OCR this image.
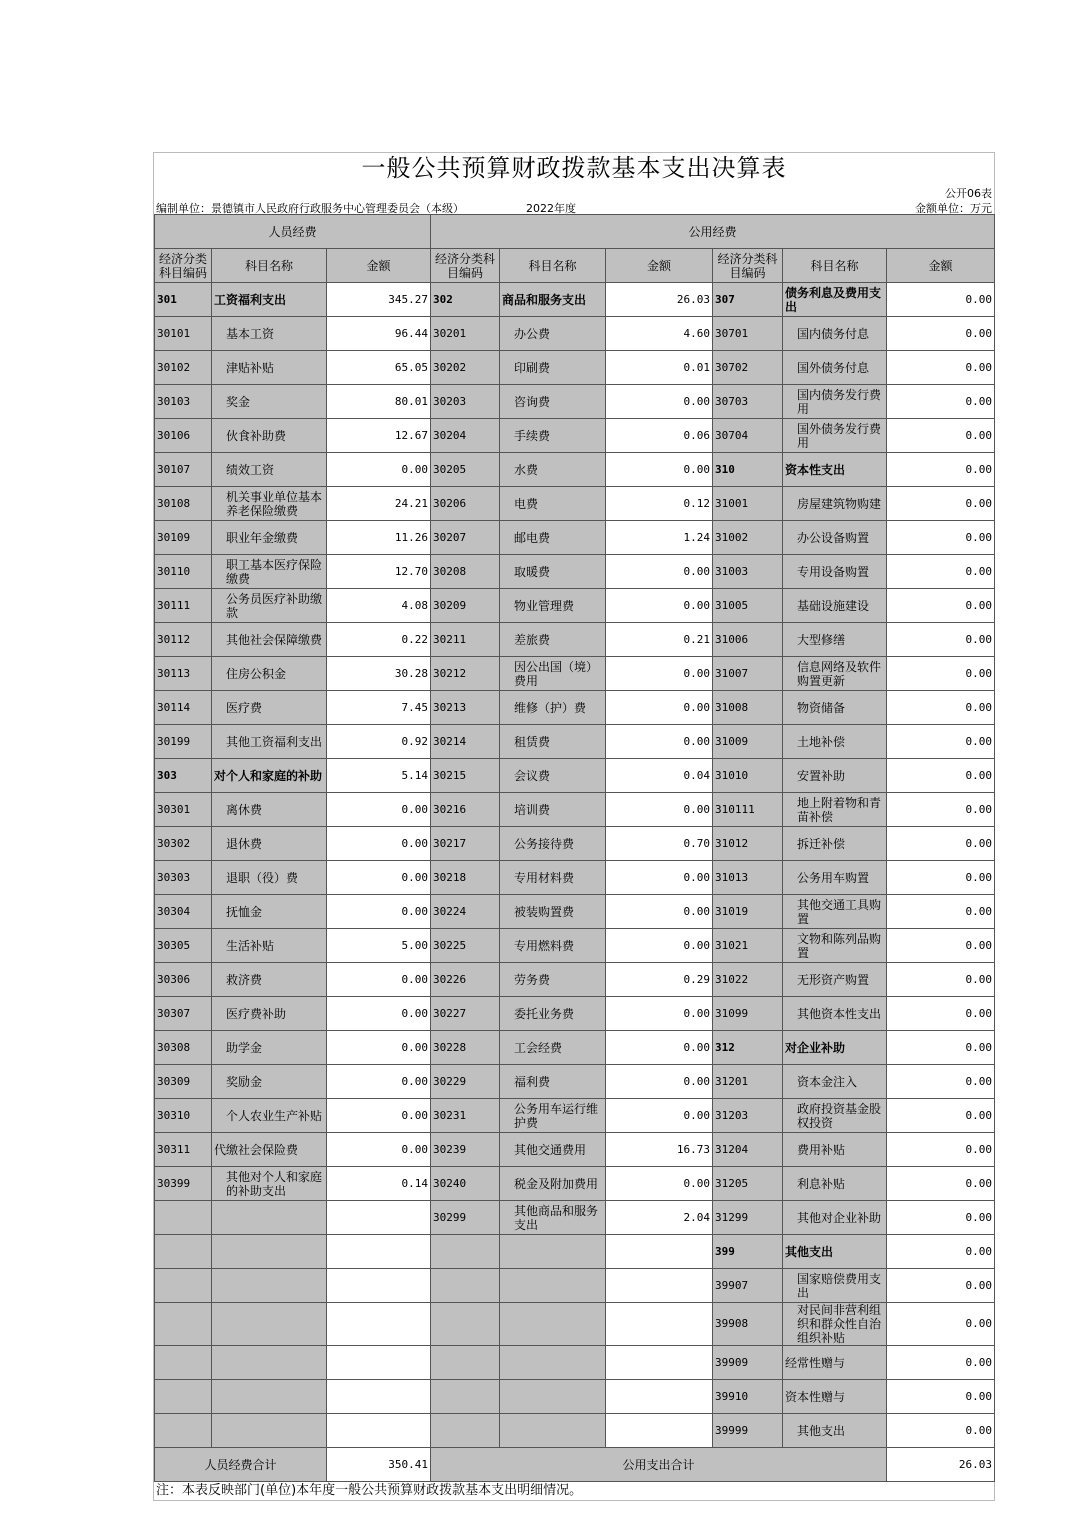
一般公共预算财政拨款基本支出决算表
公开06表
编制单位：景德镇市人民政府行政服务中心管理委员会（本级）	2022年度	金额单位：万元
人员经费			公用经费					
经济分类科目编码	科目名称	金额	经济分类科目编码	科目名称	金额	经济分类科目编码	科目名称	金额
301	工资福利支出	345.27	302	商品和服务支出	26.03	307	债务利息及费用支出	0.00
30101	基本工资	96.44	30201	办公费	4.60	30701	国内债务付息	0.00
30102	津贴补贴	65.05	30202	印刷费	0.01	30702	国外债务付息	0.00
30103	奖金	80.01	30203	咨询费	0.00	30703	国内债务发行费用	0.00
30106	伙食补助费	12.67	30204	手续费	0.06	30704	国外债务发行费用	0.00
30107	绩效工资	0.00	30205	水费	0.00	310	资本性支出	0.00
30108	机关事业单位基本养老保险缴费	24.21	30206	电费	0.12	31001	房屋建筑物购建	0.00
30109	职业年金缴费	11.26	30207	邮电费	1.24	31002	办公设备购置	0.00
30110	职工基本医疗保险缴费	12.70	30208	取暖费	0.00	31003	专用设备购置	0.00
30111	公务员医疗补助缴款	4.08	30209	物业管理费	0.00	31005	基础设施建设	0.00
30112	其他社会保障缴费	0.22	30211	差旅费	0.21	31006	大型修缮	0.00
30113	住房公积金	30.28	30212	因公出国（境）费用	0.00	31007	信息网络及软件购置更新	0.00
30114	医疗费	7.45	30213	维修（护）费	0.00	31008	物资储备	0.00
30199	其他工资福利支出	0.92	30214	租赁费	0.00	31009	土地补偿	0.00
303	对个人和家庭的补助	5.14	30215	会议费	0.04	31010	安置补助	0.00
30301	离休费	0.00	30216	培训费	0.00	310111	地上附着物和青苗补偿	0.00
30302	退休费	0.00	30217	公务接待费	0.70	31012	拆迁补偿	0.00
30303	退职（役）费	0.00	30218	专用材料费	0.00	31013	公务用车购置	0.00
30304	抚恤金	0.00	30224	被装购置费	0.00	31019	其他交通工具购置	0.00
30305	生活补贴	5.00	30225	专用燃料费	0.00	31021	文物和陈列品购置	0.00
30306	救济费	0.00	30226	劳务费	0.29	31022	无形资产购置	0.00
30307	医疗费补助	0.00	30227	委托业务费	0.00	31099	其他资本性支出	0.00
30308	助学金	0.00	30228	工会经费	0.00	312	对企业补助	0.00
30309	奖励金	0.00	30229	福利费	0.00	31201	资本金注入	0.00
30310	个人农业生产补贴	0.00	30231	公务用车运行维护费	0.00	31203	政府投资基金股权投资	0.00
30311	代缴社会保险费	0.00	30239	其他交通费用	16.73	31204	费用补贴	0.00
30399	其他对个人和家庭的补助支出	0.14	30240	税金及附加费用	0.00	31205	利息补贴	0.00
			30299	其他商品和服务支出	2.04	31299	其他对企业补助	0.00
						399	其他支出	0.00
						39907	国家赔偿费用支出	0.00
						39908	对民间非营利组织和群众性自治组织补贴	0.00
						39909	经常性赠与	0.00
						39910	资本性赠与	0.00
						39999	其他支出	0.00
人员经费合计		350.41	公用支出合计					26.03
注：本表反映部门(单位)本年度一般公共预算财政拨款基本支出明细情况。
